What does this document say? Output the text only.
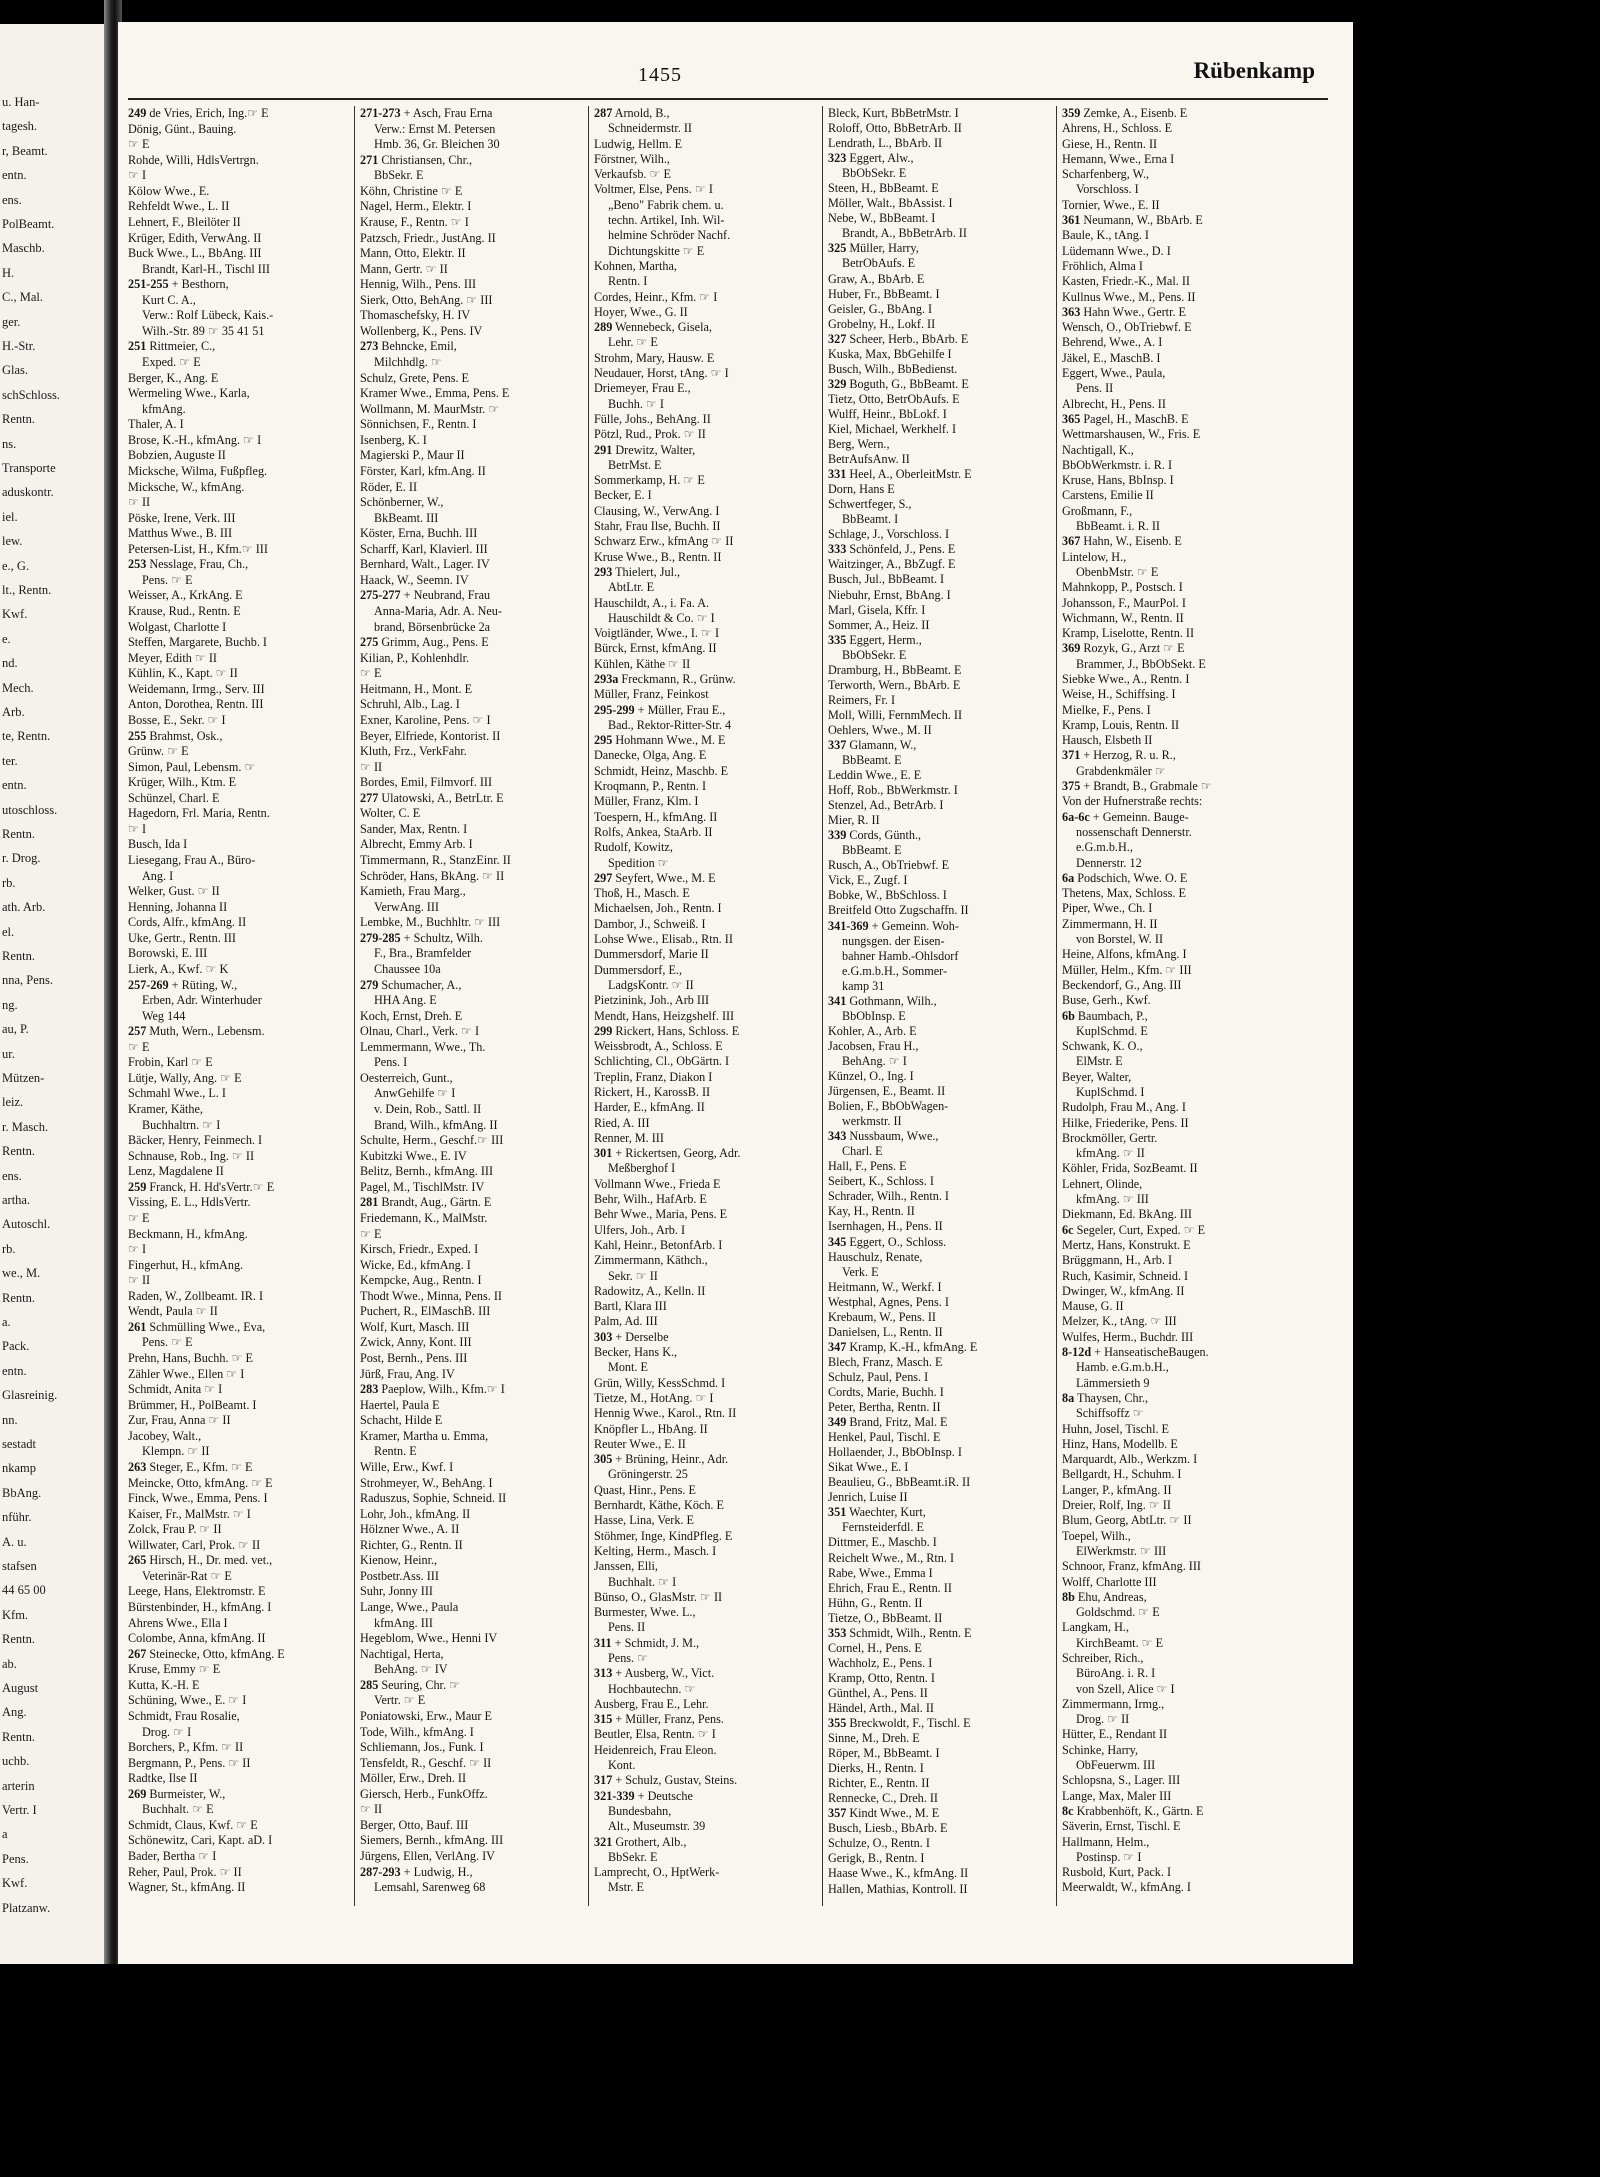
u. Han-
tagesh.
r, Beamt.
entn.
ens.
PolBeamt.
Maschb.
H.
C., Mal.
ger.
H.-Str.
Glas.
schSchloss.
Rentn.
ns.
Transporte
aduskontr.
iel.
lew.
e., G.
lt., Rentn.
Kwf.
e.
nd.
Mech.
Arb.
te, Rentn.
ter.
entn.
utoschloss.
Rentn.
r. Drog.
rb.
ath. Arb.
el.
Rentn.
nna, Pens.
ng.
au, P.
ur.
Mützen-
leiz.
r. Masch.
Rentn.
ens.
artha.
Autoschl.
rb.
we., M.
Rentn.
a.
Pack.
entn.
Glasreinig.
nn.
sestadt
nkamp
BbAng.
nführ.
A. u.
stafsen
44 65 00
Kfm.
Rentn.
ab.
August
Ang.
Rentn.
uchb.
arterin
Vertr. I
a
Pens.
Kwf.
Platzanw.
1455	Rübenkamp
249 de Vries, Erich, Ing.☞ E
Dönig, Günt., Bauing.
☞ E
Rohde, Willi, HdlsVertrgn.
☞ I
Kölow Wwe., E.
Rehfeldt Wwe., L. II
Lehnert, F., Bleilöter II
Krüger, Edith, VerwAng. II
Buck Wwe., L., BbAng. III
Brandt, Karl-H., Tischl III
251-255 + Besthorn,
Kurt C. A.,
Verw.: Rolf Lübeck, Kais.-
Wilh.-Str. 89 ☞ 35 41 51
251 Rittmeier, C.,
Exped. ☞ E
Berger, K., Ang. E
Wermeling Wwe., Karla,
kfmAng.
Thaler, A. I
Brose, K.-H., kfmAng. ☞ I
Bobzien, Auguste II
Micksche, Wilma, Fußpfleg.
Micksche, W., kfmAng.
☞ II
Pöske, Irene, Verk. III
Matthus Wwe., B. III
Petersen-List, H., Kfm.☞ III
253 Nesslage, Frau, Ch.,
Pens. ☞ E
Weisser, A., KrkAng. E
Krause, Rud., Rentn. E
Wolgast, Charlotte I
Steffen, Margarete, Buchb. I
Meyer, Edith ☞ II
Kühlin, K., Kapt. ☞ II
Weidemann, Irmg., Serv. III
Anton, Dorothea, Rentn. III
Bosse, E., Sekr. ☞ I
255 Brahmst, Osk.,
Grünw. ☞ E
Simon, Paul, Lebensm. ☞
Krüger, Wilh., Ktm. E
Schünzel, Charl. E
Hagedorn, Frl. Maria, Rentn.
☞ I
Busch, Ida I
Liesegang, Frau A., Büro-
Ang. I
Welker, Gust. ☞ II
Henning, Johanna II
Cords, Alfr., kfmAng. II
Uke, Gertr., Rentn. III
Borowski, E. III
Lierk, A., Kwf. ☞ K
257-269 + Rüting, W.,
Erben, Adr. Winterhuder
Weg 144
257 Muth, Wern., Lebensm.
☞ E
Frobin, Karl ☞ E
Lütje, Wally, Ang. ☞ E
Schmahl Wwe., L. I
Kramer, Käthe,
Buchhaltrn. ☞ I
Bäcker, Henry, Feinmech. I
Schnause, Rob., Ing. ☞ II
Lenz, Magdalene II
259 Franck, H. Hd'sVertr.☞ E
Vissing, E. L., HdlsVertr.
☞ E
Beckmann, H., kfmAng.
☞ I
Fingerhut, H., kfmAng.
☞ II
Raden, W., Zollbeamt. IR. I
Wendt, Paula ☞ II
261 Schmülling Wwe., Eva,
Pens. ☞ E
Prehn, Hans, Buchh. ☞ E
Zähler Wwe., Ellen ☞ I
Schmidt, Anita ☞ I
Brümmer, H., PolBeamt. I
Zur, Frau, Anna ☞ II
Jacobey, Walt.,
Klempn. ☞ II
263 Steger, E., Kfm. ☞ E
Meincke, Otto, kfmAng. ☞ E
Finck, Wwe., Emma, Pens. I
Kaiser, Fr., MalMstr. ☞ I
Zolck, Frau P. ☞ II
Willwater, Carl, Prok. ☞ II
265 Hirsch, H., Dr. med. vet.,
Veterinär-Rat ☞ E
Leege, Hans, Elektromstr. E
Bürstenbinder, H., kfmAng. I
Ahrens Wwe., Ella I
Colombe, Anna, kfmAng. II
267 Steinecke, Otto, kfmAng. E
Kruse, Emmy ☞ E
Kutta, K.-H. E
Schüning, Wwe., E. ☞ I
Schmidt, Frau Rosalie,
Drog. ☞ I
Borchers, P., Kfm. ☞ II
Bergmann, P., Pens. ☞ II
Radtke, Ilse II
269 Burmeister, W.,
Buchhalt. ☞ E
Schmidt, Claus, Kwf. ☞ E
Schönewitz, Cari, Kapt. aD. I
Bader, Bertha ☞ I
Reher, Paul, Prok. ☞ II
Wagner, St., kfmAng. II
271-273 + Asch, Frau Erna
Verw.: Ernst M. Petersen
Hmb. 36, Gr. Bleichen 30
271 Christiansen, Chr.,
BbSekr. E
Köhn, Christine ☞ E
Nagel, Herm., Elektr. I
Krause, F., Rentn. ☞ I
Patzsch, Friedr., JustAng. II
Mann, Otto, Elektr. II
Mann, Gertr. ☞ II
Hennig, Wilh., Pens. III
Sierk, Otto, BehAng. ☞ III
Thomaschefsky, H. IV
Wollenberg, K., Pens. IV
273 Behncke, Emil,
Milchhdlg. ☞
Schulz, Grete, Pens. E
Kramer Wwe., Emma, Pens. E
Wollmann, M. MaurMstr. ☞
Sönnichsen, F., Rentn. I
Isenberg, K. I
Magierski P., Maur II
Förster, Karl, kfm.Ang. II
Röder, E. II
Schönberner, W.,
BkBeamt. III
Köster, Erna, Buchh. III
Scharff, Karl, Klavierl. III
Bernhard, Walt., Lager. IV
Haack, W., Seemn. IV
275-277 + Neubrand, Frau
Anna-Maria, Adr. A. Neu-
brand, Börsenbrücke 2a
275 Grimm, Aug., Pens. E
Kilian, P., Kohlenhdlr.
☞ E
Heitmann, H., Mont. E
Schruhl, Alb., Lag. I
Exner, Karoline, Pens. ☞ I
Beyer, Elfriede, Kontorist. II
Kluth, Frz., VerkFahr.
☞ II
Bordes, Emil, Filmvorf. III
277 Ulatowski, A., BetrLtr. E
Wolter, C. E
Sander, Max, Rentn. I
Albrecht, Emmy Arb. I
Timmermann, R., StanzEinr. II
Schröder, Hans, BkAng. ☞ II
Kamieth, Frau Marg.,
VerwAng. III
Lembke, M., Buchhltr. ☞ III
279-285 + Schultz, Wilh.
F., Bra., Bramfelder
Chaussee 10a
279 Schumacher, A.,
HHA Ang. E
Koch, Ernst, Dreh. E
Olnau, Charl., Verk. ☞ I
Lemmermann, Wwe., Th.
Pens. I
Oesterreich, Gunt.,
AnwGehilfe ☞ I
v. Dein, Rob., Sattl. II
Brand, Wilh., kfmAng. II
Schulte, Herm., Geschf.☞ III
Kubitzki Wwe., E. IV
Belitz, Bernh., kfmAng. III
Pagel, M., TischlMstr. IV
281 Brandt, Aug., Gärtn. E
Friedemann, K., MalMstr.
☞ E
Kirsch, Friedr., Exped. I
Wicke, Ed., kfmAng. I
Kempcke, Aug., Rentn. I
Thodt Wwe., Minna, Pens. II
Puchert, R., ElMaschB. III
Wolf, Kurt, Masch. III
Zwick, Anny, Kont. III
Post, Bernh., Pens. III
Jürß, Frau, Ang. IV
283 Paeplow, Wilh., Kfm.☞ I
Haertel, Paula E
Schacht, Hilde E
Kramer, Martha u. Emma,
Rentn. E
Wille, Erw., Kwf. I
Strohmeyer, W., BehAng. I
Raduszus, Sophie, Schneid. II
Lohr, Joh., kfmAng. II
Hölzner Wwe., A. II
Richter, G., Rentn. II
Kienow, Heinr.,
Postbetr.Ass. III
Suhr, Jonny III
Lange, Wwe., Paula
kfmAng. III
Hegeblom, Wwe., Henni IV
Nachtigal, Herta,
BehAng. ☞ IV
285 Seuring, Chr. ☞
Vertr. ☞ E
Poniatowski, Erw., Maur E
Tode, Wilh., kfmAng. I
Schliemann, Jos., Funk. I
Tensfeldt, R., Geschf. ☞ II
Möller, Erw., Dreh. II
Giersch, Herb., FunkOffz.
☞ II
Berger, Otto, Bauf. III
Siemers, Bernh., kfmAng. III
Jürgens, Ellen, VerlAng. IV
287-293 + Ludwig, H.,
Lemsahl, Sarenweg 68
287 Arnold, B.,
Schneidermstr. II
Ludwig, Hellm. E
Förstner, Wilh.,
Verkaufsb. ☞ E
Voltmer, Else, Pens. ☞ I
„Beno" Fabrik chem. u.
techn. Artikel, Inh. Wil-
helmine Schröder Nachf.
Dichtungskitte ☞ E
Kohnen, Martha,
Rentn. I
Cordes, Heinr., Kfm. ☞ I
Hoyer, Wwe., G. II
289 Wennebeck, Gisela,
Lehr. ☞ E
Strohm, Mary, Hausw. E
Neudauer, Horst, tAng. ☞ I
Driemeyer, Frau E.,
Buchh. ☞ I
Fülle, Johs., BehAng. II
Pötzl, Rud., Prok. ☞ II
291 Drewitz, Walter,
BetrMst. E
Sommerkamp, H. ☞ E
Becker, E. I
Clausing, W., VerwAng. I
Stahr, Frau Ilse, Buchh. II
Schwarz Erw., kfmAng ☞ II
Kruse Wwe., B., Rentn. II
293 Thielert, Jul.,
AbtLtr. E
Hauschildt, A., i. Fa. A.
Hauschildt & Co. ☞ I
Voigtländer, Wwe., I. ☞ I
Bürck, Ernst, kfmAng. II
Kühlen, Käthe ☞ II
293a Freckmann, R., Grünw.
Müller, Franz, Feinkost
295-299 + Müller, Frau E.,
Bad., Rektor-Ritter-Str. 4
295 Hohmann Wwe., M. E
Danecke, Olga, Ang. E
Schmidt, Heinz, Maschb. E
Kroqmann, P., Rentn. I
Müller, Franz, Klm. I
Toespern, H., kfmAng. II
Rolfs, Ankea, StaArb. II
Rudolf, Kowitz,
Spedition ☞
297 Seyfert, Wwe., M. E
Thoß, H., Masch. E
Michaelsen, Joh., Rentn. I
Dambor, J., Schweiß. I
Lohse Wwe., Elisab., Rtn. II
Dummersdorf, Marie II
Dummersdorf, E.,
LadgsKontr. ☞ II
Pietzinink, Joh., Arb III
Mendt, Hans, Heizgshelf. III
299 Rickert, Hans, Schloss. E
Weissbrodt, A., Schloss. E
Schlichting, Cl., ObGärtn. I
Treplin, Franz, Diakon I
Rickert, H., KarossB. II
Harder, E., kfmAng. II
Ried, A. III
Renner, M. III
301 + Rickertsen, Georg, Adr.
Meßberghof I
Vollmann Wwe., Frieda E
Behr, Wilh., HafArb. E
Behr Wwe., Maria, Pens. E
Ulfers, Joh., Arb. I
Kahl, Heinr., BetonfArb. I
Zimmermann, Käthch.,
Sekr. ☞ II
Radowitz, A., Kelln. II
Bartl, Klara III
Palm, Ad. III
303 + Derselbe
Becker, Hans K.,
Mont. E
Grün, Willy, KessSchmd. I
Tietze, M., HotAng. ☞ I
Hennig Wwe., Karol., Rtn. II
Knöpfler L., HbAng. II
Reuter Wwe., E. II
305 + Brüning, Heinr., Adr.
Gröningerstr. 25
Quast, Hinr., Pens. E
Bernhardt, Käthe, Köch. E
Hasse, Lina, Verk. E
Stöhmer, Inge, KindPfleg. E
Kelting, Herm., Masch. I
Janssen, Elli,
Buchhalt. ☞ I
Bünso, O., GlasMstr. ☞ II
Burmester, Wwe. L.,
Pens. II
311 + Schmidt, J. M.,
Pens. ☞
313 + Ausberg, W., Vict.
Hochbautechn. ☞
Ausberg, Frau E., Lehr.
315 + Müller, Franz, Pens.
Beutler, Elsa, Rentn. ☞ I
Heidenreich, Frau Eleon.
Kont.
317 + Schulz, Gustav, Steins.
321-339 + Deutsche
Bundesbahn,
Alt., Museumstr. 39
321 Grothert, Alb.,
BbSekr. E
Lamprecht, O., HptWerk-
Mstr. E
Bleck, Kurt, BbBetrMstr. I
Roloff, Otto, BbBetrArb. II
Lendrath, L., BbArb. II
323 Eggert, Alw.,
BbObSekr. E
Steen, H., BbBeamt. E
Möller, Walt., BbAssist. I
Nebe, W., BbBeamt. I
Brandt, A., BbBetrArb. II
325 Müller, Harry,
BetrObAufs. E
Graw, A., BbArb. E
Huber, Fr., BbBeamt. I
Geisler, G., BbAng. I
Grobelny, H., Lokf. II
327 Scheer, Herb., BbArb. E
Kuska, Max, BbGehilfe I
Busch, Wilh., BbBedienst.
329 Boguth, G., BbBeamt. E
Tietz, Otto, BetrObAufs. E
Wulff, Heinr., BbLokf. I
Kiel, Michael, Werkhelf. I
Berg, Wern.,
BetrAufsAnw. II
331 Heel, A., OberleitMstr. E
Dorn, Hans E
Schwertfeger, S.,
BbBeamt. I
Schlage, J., Vorschloss. I
333 Schönfeld, J., Pens. E
Waitzinger, A., BbZugf. E
Busch, Jul., BbBeamt. I
Niebuhr, Ernst, BbAng. I
Marl, Gisela, Kffr. I
Sommer, A., Heiz. II
335 Eggert, Herm.,
BbObSekr. E
Dramburg, H., BbBeamt. E
Terworth, Wern., BbArb. E
Reimers, Fr. I
Moll, Willi, FernmMech. II
Oehlers, Wwe., M. II
337 Glamann, W.,
BbBeamt. E
Leddin Wwe., E. E
Hoff, Rob., BbWerkmstr. I
Stenzel, Ad., BetrArb. I
Mier, R. II
339 Cords, Günth.,
BbBeamt. E
Rusch, A., ObTriebwf. E
Vick, E., Zugf. I
Bobke, W., BbSchloss. I
Breitfeld Otto Zugschaffn. II
341-369 + Gemeinn. Woh-
nungsgen. der Eisen-
bahner Hamb.-Ohlsdorf
e.G.m.b.H., Sommer-
kamp 31
341 Gothmann, Wilh.,
BbObInsp. E
Kohler, A., Arb. E
Jacobsen, Frau H.,
BehAng. ☞ I
Künzel, O., Ing. I
Jürgensen, E., Beamt. II
Bolien, F., BbObWagen-
werkmstr. II
343 Nussbaum, Wwe.,
Charl. E
Hall, F., Pens. E
Seibert, K., Schloss. I
Schrader, Wilh., Rentn. I
Kay, H., Rentn. II
Isernhagen, H., Pens. II
345 Eggert, O., Schloss.
Hauschulz, Renate,
Verk. E
Heitmann, W., Werkf. I
Westphal, Agnes, Pens. I
Krebaum, W., Pens. II
Danielsen, L., Rentn. II
347 Kramp, K.-H., kfmAng. E
Blech, Franz, Masch. E
Schulz, Paul, Pens. I
Cordts, Marie, Buchh. I
Peter, Bertha, Rentn. II
349 Brand, Fritz, Mal. E
Henkel, Paul, Tischl. E
Hollaender, J., BbObInsp. I
Sikat Wwe., E. I
Beaulieu, G., BbBeamt.iR. II
Jenrich, Luise II
351 Waechter, Kurt,
Fernsteiderfdl. E
Dittmer, E., Maschb. I
Reichelt Wwe., M., Rtn. I
Rabe, Wwe., Emma I
Ehrich, Frau E., Rentn. II
Hühn, G., Rentn. II
Tietze, O., BbBeamt. II
353 Schmidt, Wilh., Rentn. E
Cornel, H., Pens. E
Wachholz, E., Pens. I
Kramp, Otto, Rentn. I
Günthel, A., Pens. II
Händel, Arth., Mal. II
355 Breckwoldt, F., Tischl. E
Sinne, M., Dreh. E
Röper, M., BbBeamt. I
Dierks, H., Rentn. I
Richter, E., Rentn. II
Rennecke, C., Dreh. II
357 Kindt Wwe., M. E
Busch, Liesb., BbArb. E
Schulze, O., Rentn. I
Gerigk, B., Rentn. I
Haase Wwe., K., kfmAng. II
Hallen, Mathias, Kontroll. II
359 Zemke, A., Eisenb. E
Ahrens, H., Schloss. E
Giese, H., Rentn. II
Hemann, Wwe., Erna I
Scharfenberg, W.,
Vorschloss. I
Tornier, Wwe., E. II
361 Neumann, W., BbArb. E
Baule, K., tAng. I
Lüdemann Wwe., D. I
Fröhlich, Alma I
Kasten, Friedr.-K., Mal. II
Kullnus Wwe., M., Pens. II
363 Hahn Wwe., Gertr. E
Wensch, O., ObTriebwf. E
Behrend, Wwe., A. I
Jäkel, E., MaschB. I
Eggert, Wwe., Paula,
Pens. II
Albrecht, H., Pens. II
365 Pagel, H., MaschB. E
Wettmarshausen, W., Fris. E
Nachtigall, K.,
BbObWerkmstr. i. R. I
Kruse, Hans, BbInsp. I
Carstens, Emilie II
Großmann, F.,
BbBeamt. i. R. II
367 Hahn, W., Eisenb. E
Lintelow, H.,
ObenbMstr. ☞ E
Mahnkopp, P., Postsch. I
Johansson, F., MaurPol. I
Wichmann, W., Rentn. II
Kramp, Liselotte, Rentn. II
369 Rozyk, G., Arzt ☞ E
Brammer, J., BbObSekt. E
Siebke Wwe., A., Rentn. I
Weise, H., Schiffsing. I
Mielke, F., Pens. I
Kramp, Louis, Rentn. II
Hausch, Elsbeth II
371 + Herzog, R. u. R.,
Grabdenkmäler ☞
375 + Brandt, B., Grabmale ☞
Von der Hufnerstraße rechts:
6a-6c + Gemeinn. Bauge-
nossenschaft Dennerstr.
e.G.m.b.H.,
Dennerstr. 12
6a Podschich, Wwe. O. E
Thetens, Max, Schloss. E
Piper, Wwe., Ch. I
Zimmermann, H. II
von Borstel, W. II
Heine, Alfons, kfmAng. I
Müller, Helm., Kfm. ☞ III
Beckendorf, G., Ang. III
Buse, Gerh., Kwf.
6b Baumbach, P.,
KuplSchmd. E
Schwank, K. O.,
ElMstr. E
Beyer, Walter,
KuplSchmd. I
Rudolph, Frau M., Ang. I
Hilke, Friederike, Pens. II
Brockmöller, Gertr.
kfmAng. ☞ II
Köhler, Frida, SozBeamt. II
Lehnert, Olinde,
kfmAng. ☞ III
Diekmann, Ed. BkAng. III
6c Segeler, Curt, Exped. ☞ E
Mertz, Hans, Konstrukt. E
Brüggmann, H., Arb. I
Ruch, Kasimir, Schneid. I
Dwinger, W., kfmAng. II
Mause, G. II
Melzer, K., tAng. ☞ III
Wulfes, Herm., Buchdr. III
8-12d + HanseatischeBaugen.
Hamb. e.G.m.b.H.,
Lämmersieth 9
8a Thaysen, Chr.,
Schiffsoffz ☞
Huhn, Josel, Tischl. E
Hinz, Hans, Modellb. E
Marquardt, Alb., Werkzm. I
Bellgardt, H., Schuhm. I
Langer, P., kfmAng. II
Dreier, Rolf, Ing. ☞ II
Blum, Georg, AbtLtr. ☞ II
Toepel, Wilh.,
ElWerkmstr. ☞ III
Schnoor, Franz, kfmAng. III
Wolff, Charlotte III
8b Ehu, Andreas,
Goldschmd. ☞ E
Langkam, H.,
KirchBeamt. ☞ E
Schreiber, Rich.,
BüroAng. i. R. I
von Szell, Alice ☞ I
Zimmermann, Irmg.,
Drog. ☞ II
Hütter, E., Rendant II
Schinke, Harry,
ObFeuerwm. III
Schlopsna, S., Lager. III
Lange, Max, Maler III
8c Krabbenhöft, K., Gärtn. E
Säverin, Ernst, Tischl. E
Hallmann, Helm.,
Postinsp. ☞ I
Rusbold, Kurt, Pack. I
Meerwaldt, W., kfmAng. I
